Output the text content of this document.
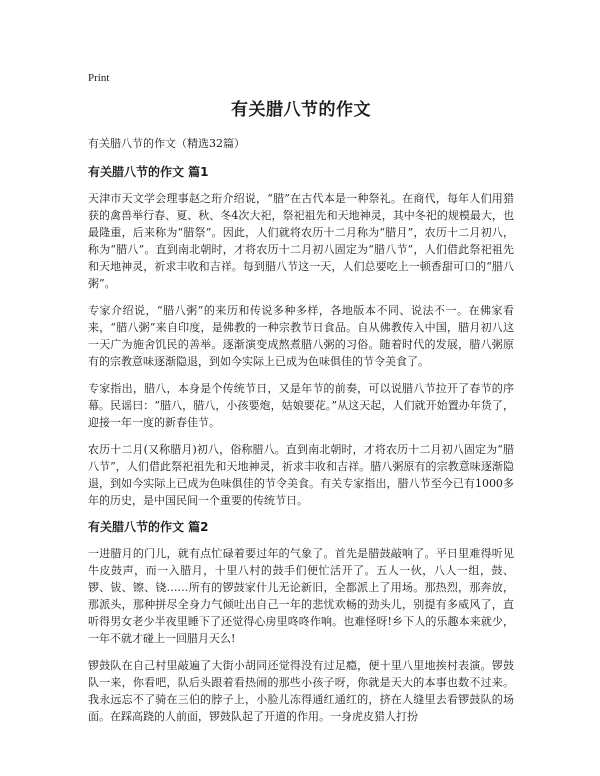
Print
有关腊八节的作文
有关腊八节的作文（精选32篇）
有关腊八节的作文 篇1

天津市天文学会理事赵之珩介绍说，“腊”在古代本是一种祭礼。在商代，每年人们用猎获的禽兽举行春、夏、秋、冬4次大祀，祭祀祖先和天地神灵，其中冬祀的规模最大，也最隆重，后来称为“腊祭”。因此，人们就将农历十二月称为“腊月”，农历十二月初八，称为“腊八”。直到南北朝时，才将农历十二月初八固定为“腊八节”，人们借此祭祀祖先和天地神灵，祈求丰收和吉祥。每到腊八节这一天，人们总要吃上一顿香甜可口的“腊八粥”。

专家介绍说，“腊八粥”的来历和传说多种多样，各地版本不同、说法不一。在佛家看来，“腊八粥”来自印度，是佛教的一种宗教节日食品。自从佛教传入中国，腊月初八这一天广为施舍饥民的善举。逐渐演变成熬煮腊八粥的习俗。随着时代的发展，腊八粥原有的宗教意味逐渐隐退，到如今实际上已成为色味俱佳的节令美食了。

专家指出，腊八，本身是个传统节日，又是年节的前奏，可以说腊八节拉开了春节的序幕。民谣曰：“腊八，腊八，小孩要炮，姑娘要花。”从这天起，人们就开始置办年货了，迎接一年一度的新春佳节。

农历十二月(又称腊月)初八，俗称腊八。直到南北朝时，才将农历十二月初八固定为“腊八节”，人们借此祭祀祖先和天地神灵，祈求丰收和吉祥。腊八粥原有的宗教意味逐渐隐退，到如今实际上已成为色味俱佳的节令美食。有关专家指出，腊八节至今已有1000多年的历史，是中国民间一个重要的传统节日。

有关腊八节的作文 篇2

一进腊月的门儿，就有点忙碌着要过年的气象了。首先是腊鼓敲响了。平日里难得听见牛皮鼓声，而一入腊月，十里八村的鼓手们便忙活开了。五人一伙，八人一组，鼓、锣、钹、镲、铙……所有的锣鼓家什儿无论新旧，全都派上了用场。那热烈，那奔放，那派头，那种拼尽全身力气倾吐出自己一年的悲忧欢畅的劲头儿，别提有多威风了，直听得男女老少半夜里睡下了还觉得心房里咚咚作响。也难怪呀!乡下人的乐趣本来就少，一年不就才碰上一回腊月天么!

锣鼓队在自己村里敲遍了大街小胡同还觉得没有过足瘾，便十里八里地挨村表演。锣鼓队一来，你看吧，队后头跟着看热闹的那些小孩子呀，你就是天大的本事也数不过来。我永远忘不了骑在三伯的脖子上，小脸儿冻得通红通红的，挤在人缝里去看锣鼓队的场面。在踩高跷的人前面，锣鼓队起了开道的作用。一身虎皮猎人打扮
